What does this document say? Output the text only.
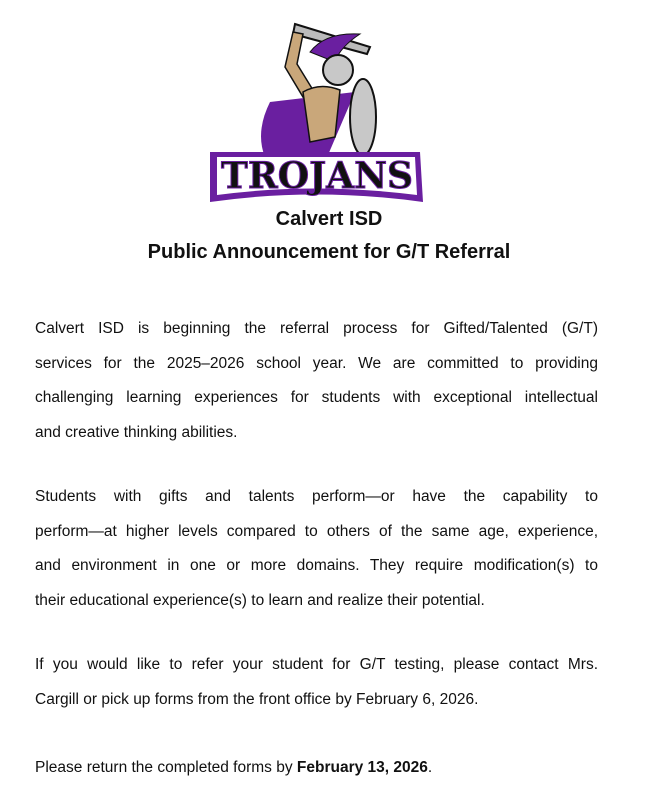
TROJANS
Calvert ISD
Public Announcement for G/T Referral
Calvert ISD is beginning the referral process for Gifted/Talented (G/T)
services for the 2025–2026 school year. We are committed to providing
challenging learning experiences for students with exceptional intellectual
and creative thinking abilities.
Students with gifts and talents perform—or have the capability to
perform—at higher levels compared to others of the same age, experience,
and environment in one or more domains. They require modification(s) to
their educational experience(s) to learn and realize their potential.
If you would like to refer your student for G/T testing, please contact Mrs.
Cargill or pick up forms from the front office by February 6, 2026.
Please return the completed forms by February 13, 2026.
